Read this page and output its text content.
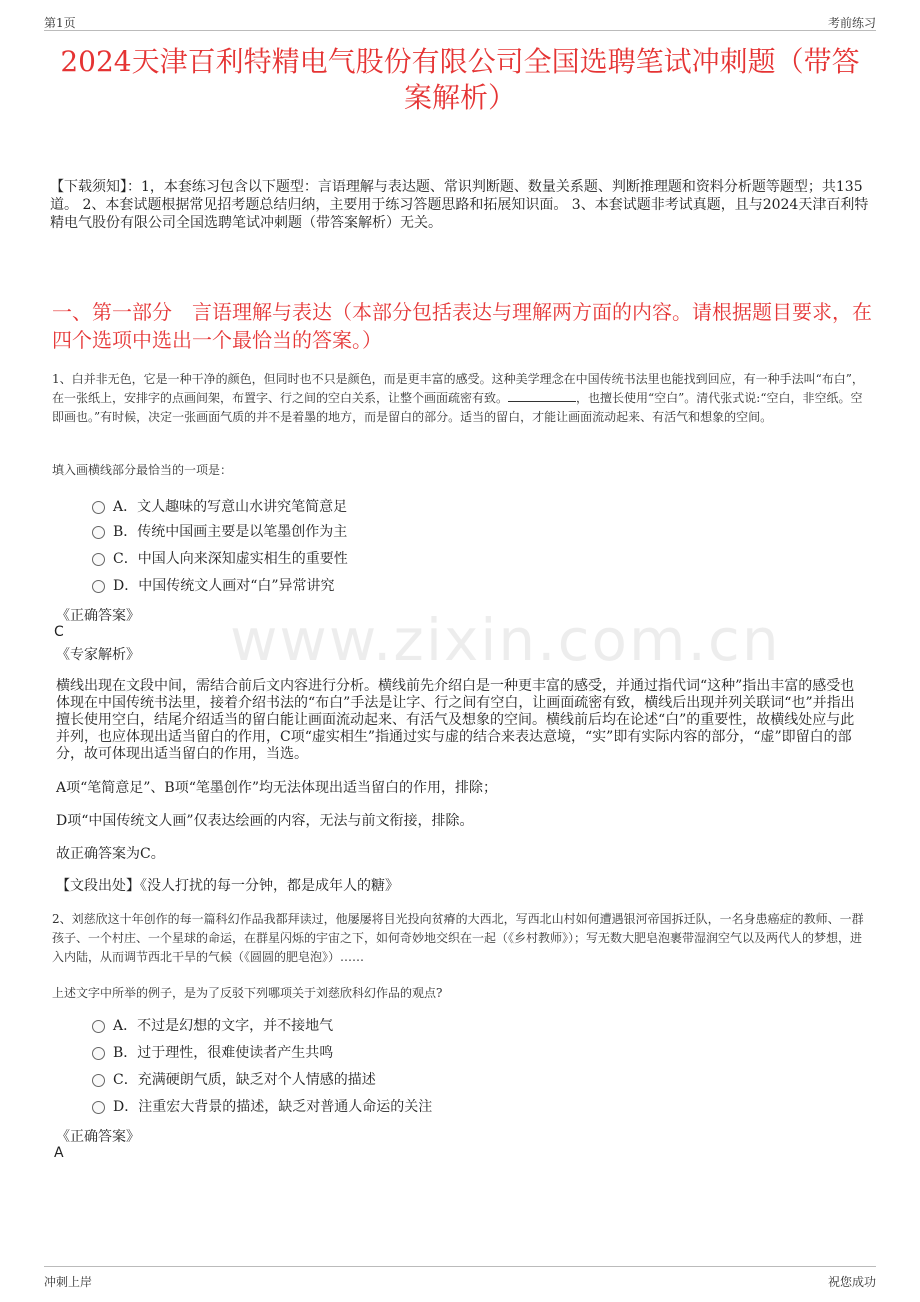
第1页	考前练习
2024天津百利特精电气股份有限公司全国选聘笔试冲刺题（带答案解析）

【下载须知】：1，本套练习包含以下题型：言语理解与表达题、常识判断题、数量关系题、判断推理题和资料分析题等题型；共135道。 2、本套试题根据常见招考题总结归纳，主要用于练习答题思路和拓展知识面。 3、本套试题非考试真题，且与2024天津百利特精电气股份有限公司全国选聘笔试冲刺题（带答案解析）无关。

一、第一部分　言语理解与表达（本部分包括表达与理解两方面的内容。请根据题目要求，在四个选项中选出一个最恰当的答案。）
www.zixin.com.cn

1、白并非无色，它是一种干净的颜色，但同时也不只是颜色，而是更丰富的感受。这种美学理念在中国传统书法里也能找到回应，有一种手法叫“布白”，在一张纸上，安排字的点画间架，布置字、行之间的空白关系，让整个画面疏密有致。	，也擅长使用“空白”。清代张式说:“空白，非空纸。空即画也。”有时候，决定一张画面气质的并不是着墨的地方，而是留白的部分。适当的留白，才能让画面流动起来、有活气和想象的空间。

填入画横线部分最恰当的一项是：

A．文人趣味的写意山水讲究笔简意足
B．传统中国画主要是以笔墨创作为主
C．中国人向来深知虚实相生的重要性
D．中国传统文人画对“白”异常讲究

《正确答案》

C

《专家解析》

横线出现在文段中间，需结合前后文内容进行分析。横线前先介绍白是一种更丰富的感受，并通过指代词“这种”指出丰富的感受也体现在中国传统书法里，接着介绍书法的“布白”手法是让字、行之间有空白，让画面疏密有致，横线后出现并列关联词“也”并指出擅长使用空白，结尾介绍适当的留白能让画面流动起来、有活气及想象的空间。横线前后均在论述“白”的重要性，故横线处应与此并列，也应体现出适当留白的作用，C项“虚实相生”指通过实与虚的结合来表达意境，“实”即有实际内容的部分，“虚”即留白的部分，故可体现出适当留白的作用，当选。

A项“笔简意足”、B项“笔墨创作”均无法体现出适当留白的作用，排除；

D项“中国传统文人画”仅表达绘画的内容，无法与前文衔接，排除。

故正确答案为C。

【文段出处】《没人打扰的每一分钟，都是成年人的糖》

2、刘慈欣这十年创作的每一篇科幻作品我都拜读过，他屡屡将目光投向贫瘠的大西北，写西北山村如何遭遇银河帝国拆迁队，一名身患癌症的教师、一群孩子、一个村庄、一个星球的命运，在群星闪烁的宇宙之下，如何奇妙地交织在一起（《乡村教师》）；写无数大肥皂泡裹带湿润空气以及两代人的梦想，进入内陆，从而调节西北干旱的气候（《圆圆的肥皂泡》）……

上述文字中所举的例子，是为了反驳下列哪项关于刘慈欣科幻作品的观点?

A．不过是幻想的文字，并不接地气
B．过于理性，很难使读者产生共鸣
C．充满硬朗气质，缺乏对个人情感的描述
D．注重宏大背景的描述，缺乏对普通人命运的关注

《正确答案》

A

冲刺上岸	祝您成功
